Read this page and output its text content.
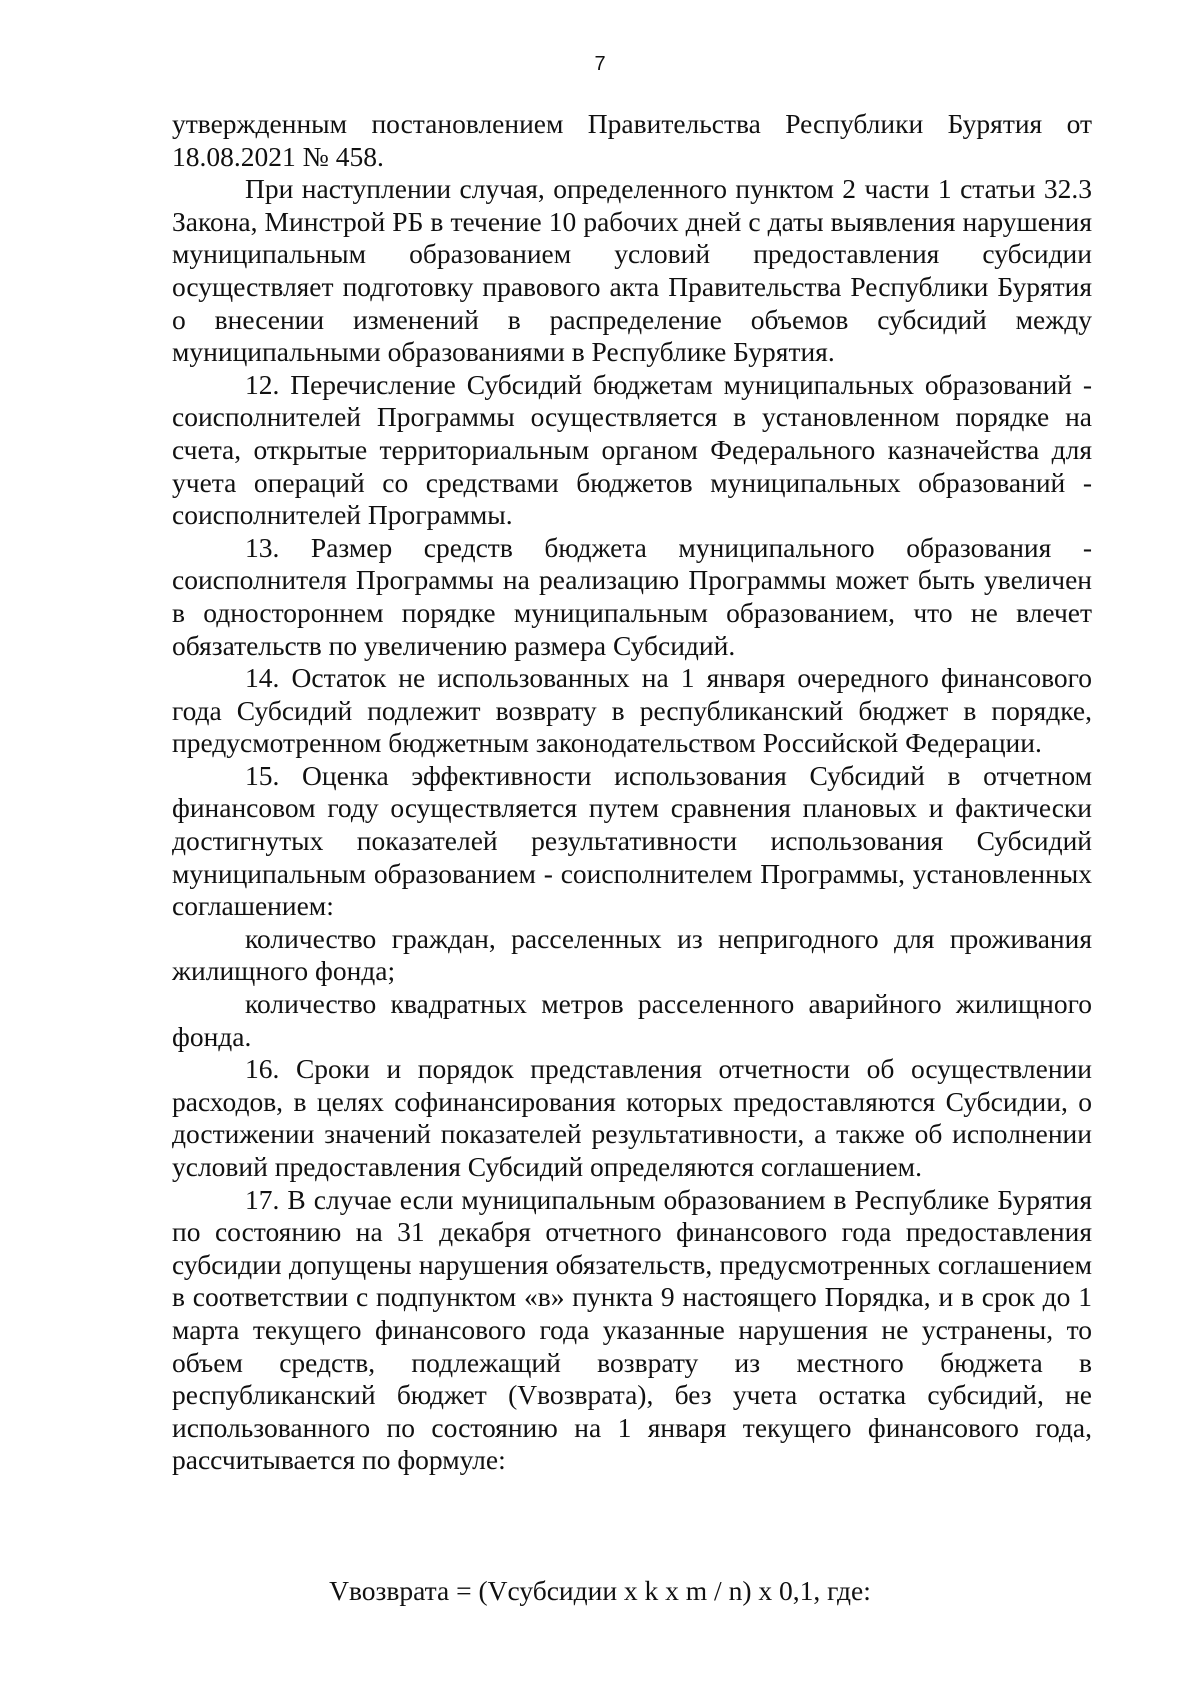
7

утвержденным постановлением Правительства Республики Бурятия от 18.08.2021 № 458.

При наступлении случая, определенного пунктом 2 части 1 статьи 32.3 Закона, Минстрой РБ в течение 10 рабочих дней с даты выявления нарушения муниципальным образованием условий предоставления субсидии осуществляет подготовку правового акта Правительства Республики Бурятия о внесении изменений в распределение объемов субсидий между муниципальными образованиями в Республике Бурятия.

12. Перечисление Субсидий бюджетам муниципальных образований - соисполнителей Программы осуществляется в установленном порядке на счета, открытые территориальным органом Федерального казначейства для учета операций со средствами бюджетов муниципальных образований - соисполнителей Программы.

13. Размер средств бюджета муниципального образования - соисполнителя Программы на реализацию Программы может быть увеличен в одностороннем порядке муниципальным образованием, что не влечет обязательств по увеличению размера Субсидий.

14. Остаток не использованных на 1 января очередного финансового года Субсидий подлежит возврату в республиканский бюджет в порядке, предусмотренном бюджетным законодательством Российской Федерации.

15. Оценка эффективности использования Субсидий в отчетном финансовом году осуществляется путем сравнения плановых и фактически достигнутых показателей результативности использования Субсидий муниципальным образованием - соисполнителем Программы, установленных соглашением:

количество граждан, расселенных из непригодного для проживания жилищного фонда;

количество квадратных метров расселенного аварийного жилищного фонда.

16. Сроки и порядок представления отчетности об осуществлении расходов, в целях софинансирования которых предоставляются Субсидии, о достижении значений показателей результативности, а также об исполнении условий предоставления Субсидий определяются соглашением.

17. В случае если муниципальным образованием в Республике Бурятия по состоянию на 31 декабря отчетного финансового года предоставления субсидии допущены нарушения обязательств, предусмотренных соглашением в соответствии с подпунктом «в» пункта 9 настоящего Порядка, и в срок до 1 марта текущего финансового года указанные нарушения не устранены, то объем средств, подлежащий возврату из местного бюджета в республиканский бюджет (Vвозврата), без учета остатка субсидий, не использованного по состоянию на 1 января текущего финансового года, рассчитывается по формуле:

Vвозврата = (Vсубсидии x k x m / n) x 0,1, где:
